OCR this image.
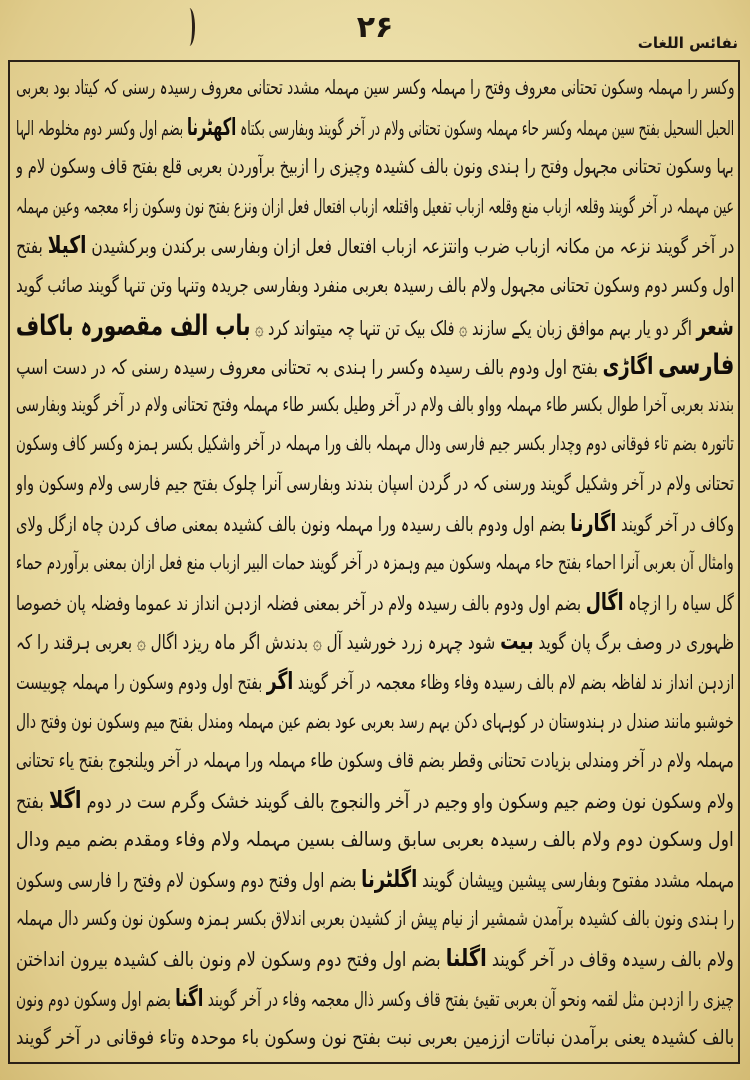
۲۶	نفائس اللغات
وکسر را مہملہ وسکون تحتانی معروف وفتح را مہملہ وکسر سین مہملہ مشدد تحتانی معروف رسیدہ رسنی کہ کیتاد بود بعربی
الحبل السحیل بفتح سین مہملہ وکسر حاء مہملہ وسکون تحتانی ولام در آخر گویند وبفارسی بکتاہ اکھٹرنا بضم اول وکسر دوم مخلوطہ الہا
بہا وسکون تحتانی مجہول وفتح را ہندی ونون بالف کشیدہ وچیزی را ازبیخ برآوردن بعربی قلع بفتح قاف وسکون لام و
عین مہملہ در آخر گویند وقلعہ ازباب منع وقلعہ ازباب تفعیل واقتلعہ ازباب افتعال فعل ازان ونزع بفتح نون وسکون زاء معجمہ وعین مہملہ
در آخر گویند نزعہ من مکانہ ازباب ضرب وانتزعہ ازباب افتعال فعل ازان وبفارسی برکندن وبرکشیدن اکیلا بفتح
اول وکسر دوم وسکون تحتانی مجہول ولام بالف رسیدہ بعربی منفرد وبفارسی جریدہ وتنہا وتن تنہا گویند صائب گوید
شعر اگر دو یار بہم موافق زبان یکے سازند ۞ فلک بیک تن تنہا چہ میتواند کرد ۞ باب الف مقصورہ باکاف
فارسی اگاڑی بفتح اول ودوم بالف رسیدہ وکسر را ہندی بہ تحتانی معروف رسیدہ رسنی کہ در دست اسپ
بندند بعربی آخرا طوال بکسر طاء مہملہ وواو بالف ولام در آخر وطیل بکسر طاء مہملہ وفتح تحتانی ولام در آخر گویند وبفارسی
تاتورہ بضم تاء فوقانی دوم وچدار بکسر جیم فارسی ودال مہملہ بالف ورا مہملہ در آخر واشکیل بکسر ہمزہ وکسر کاف وسکون
تحتانی ولام در آخر وشکیل گویند ورسنی کہ در گردن اسپان بندند وبفارسی آنرا چلوک بفتح جیم فارسی ولام وسکون واو
وکاف در آخر گویند اگارنا بضم اول ودوم بالف رسیدہ ورا مہملہ ونون بالف کشیدہ بمعنی صاف کردن چاہ ازگل ولای
وامثال آن بعربی آنرا احماء بفتح حاء مہملہ وسکون میم وہمزہ در آخر گویند حمات البیر ازباب منع فعل ازان بمعنی برآوردم حماء
گل سیاہ را ازچاہ اگال بضم اول ودوم بالف رسیدہ ولام در آخر بمعنی فضلہ ازدہن انداز ند عموما وفضلہ پان خصوصا
ظہوری در وصف برگ پان گوید بیت شود چہرہ زرد خورشید آل ۞ بدندش اگر ماہ ریزد اگال ۞ بعربی ہرقند را کہ
ازدہن انداز ند لفاظہ بضم لام بالف رسیدہ وفاء وظاء معجمہ در آخر گویند اگر بفتح اول ودوم وسکون را مہملہ چوبیست
خوشبو مانند صندل در ہندوستان در کوہہای دکن بہم رسد بعربی عود بضم عین مہملہ ومندل بفتح میم وسکون نون وفتح دال
مہملہ ولام در آخر ومندلی بزیادت تحتانی وقطر بضم قاف وسکون طاء مہملہ ورا مہملہ در آخر ویلنجوج بفتح یاء تحتانی
ولام وسکون نون وضم جیم وسکون واو وجیم در آخر والنجوج بالف گویند خشک وگرم ست در دوم اگلا بفتح
اول وسکون دوم ولام بالف رسیدہ بعربی سابق وسالف بسین مہملہ ولام وفاء ومقدم بضم میم ودال
مہملہ مشدد مفتوح وبفارسی پیشین وپیشان گویند اگلٹرنا بضم اول وفتح دوم وسکون لام وفتح را فارسی وسکون
را ہندی ونون بالف کشیدہ برآمدن شمشیر از نیام پیش از کشیدن بعربی اندلاق بکسر ہمزہ وسکون نون وکسر دال مہملہ
ولام بالف رسیدہ وقاف در آخر گویند اگلنا بضم اول وفتح دوم وسکون لام ونون بالف کشیدہ بیرون انداختن
چیزی را ازدہن مثل لقمہ ونحو آن بعربی تقیئ بفتح قاف وکسر ذال معجمہ وفاء در آخر گویند اگنا بضم اول وسکون دوم ونون
بالف کشیدہ یعنی برآمدن نباتات اززمین بعربی نبت بفتح نون وسکون باء موحدہ وتاء فوقانی در آخر گویند
